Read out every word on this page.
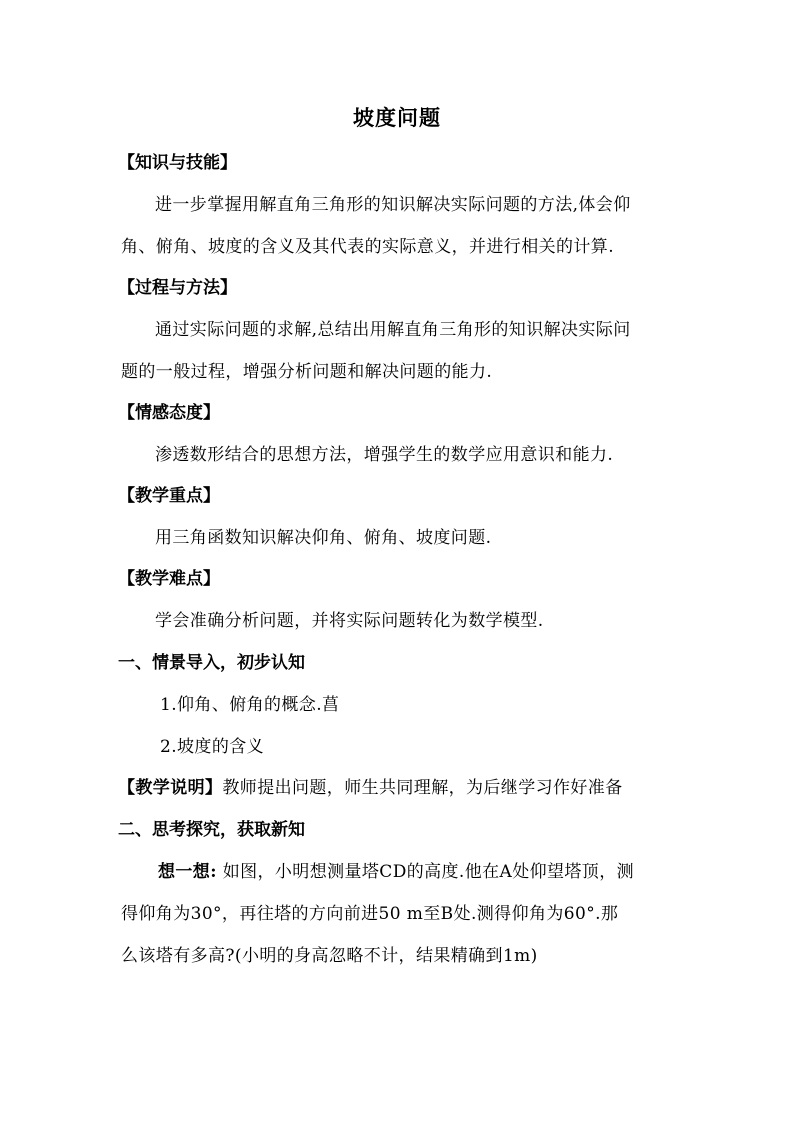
坡度问题
【知识与技能】
进一步掌握用解直角三角形的知识解决实际问题的方法,体会仰
角、俯角、坡度的含义及其代表的实际意义，并进行相关的计算.
【过程与方法】
通过实际问题的求解,总结出用解直角三角形的知识解决实际问
题的一般过程，增强分析问题和解决问题的能力.
【情感态度】
渗透数形结合的思想方法，增强学生的数学应用意识和能力.
【教学重点】
用三角函数知识解决仰角、俯角、坡度问题.
【教学难点】
学会准确分析问题，并将实际问题转化为数学模型.
一、情景导入，初步认知
1.仰角、俯角的概念.菖
2.坡度的含义
【教学说明】教师提出问题，师生共同理解，为后继学习作好准备
二、思考探究，获取新知
想一想: 如图，小明想测量塔CD的高度.他在A处仰望塔顶，测
得仰角为30°，再往塔的方向前进50 m至B处.测得仰角为60°.那
么该塔有多高?(小明的身高忽略不计，结果精确到1m)
